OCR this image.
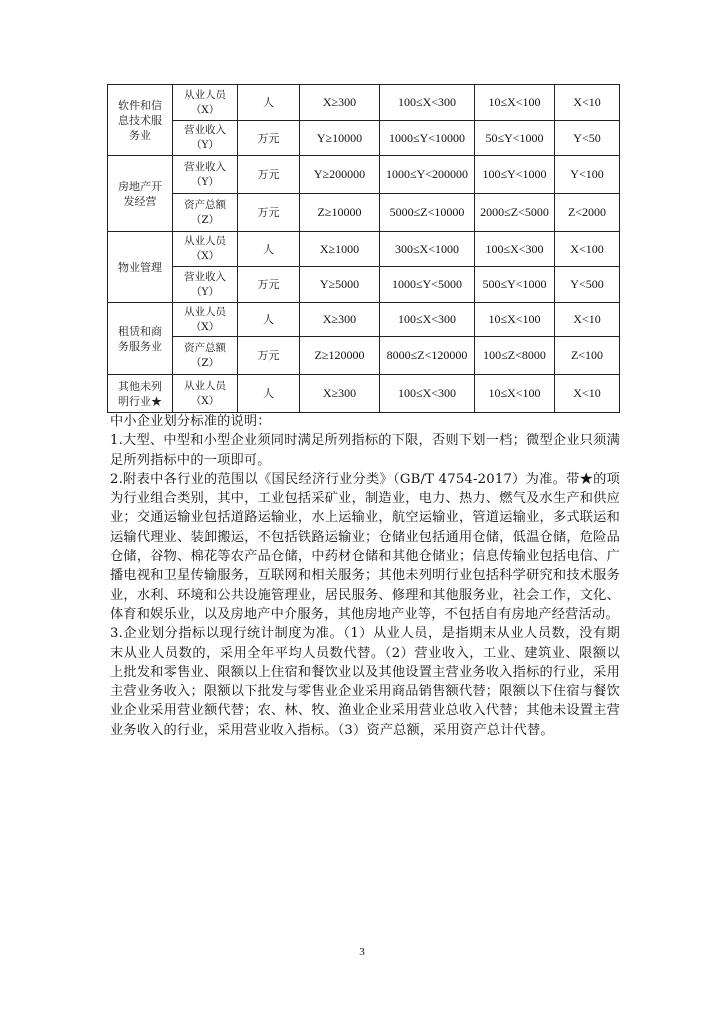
软件和信息技术服务业	从业人员
（X）	人	X≥300	100≤X<300	10≤X<100	X<10

	营业收入
（Y）	万元	Y≥10000	1000≤Y<10000	50≤Y<1000	Y<50
房地产开发经营	营业收入
（Y）	万元	Y≥200000	1000≤Y<200000	100≤Y<1000	Y<100

	资产总额
（Z）	万元	Z≥10000	5000≤Z<10000	2000≤Z<5000	Z<2000
物业管理	从业人员
（X）	人	X≥1000	300≤X<1000	100≤X<300	X<100

	营业收入
（Y）	万元	Y≥5000	1000≤Y<5000	500≤Y<1000	Y<500
租赁和商务服务业	从业人员
（X）	人	X≥300	100≤X<300	10≤X<100	X<10

	资产总额
（Z）	万元	Z≥120000	8000≤Z<120000	100≤Z<8000	Z<100
其他未列明行业★	从业人员
（X）	人	X≥300	100≤X<300	10≤X<100	X<10

中小企业划分标准的说明：

1.大型、中型和小型企业须同时满足所列指标的下限，否则下划一档；微型企业只须满足所列指标中的一项即可。

2.附表中各行业的范围以《国民经济行业分类》（GB/T 4754-2017）为准。带★的项为行业组合类别，其中，工业包括采矿业，制造业，电力、热力、燃气及水生产和供应业；交通运输业包括道路运输业，水上运输业，航空运输业，管道运输业，多式联运和运输代理业、装卸搬运，不包括铁路运输业；仓储业包括通用仓储，低温仓储，危险品仓储，谷物、棉花等农产品仓储，中药材仓储和其他仓储业；信息传输业包括电信、广播电视和卫星传输服务，互联网和相关服务；其他未列明行业包括科学研究和技术服务业，水利、环境和公共设施管理业，居民服务、修理和其他服务业，社会工作，文化、体育和娱乐业，以及房地产中介服务，其他房地产业等，不包括自有房地产经营活动。

3.企业划分指标以现行统计制度为准。（1）从业人员，是指期末从业人员数，没有期末从业人员数的，采用全年平均人员数代替。（2）营业收入，工业、建筑业、限额以上批发和零售业、限额以上住宿和餐饮业以及其他设置主营业务收入指标的行业，采用主营业务收入；限额以下批发与零售业企业采用商品销售额代替；限额以下住宿与餐饮业企业采用营业额代替；农、林、牧、渔业企业采用营业总收入代替；其他未设置主营业务收入的行业，采用营业收入指标。（3）资产总额，采用资产总计代替。

3
